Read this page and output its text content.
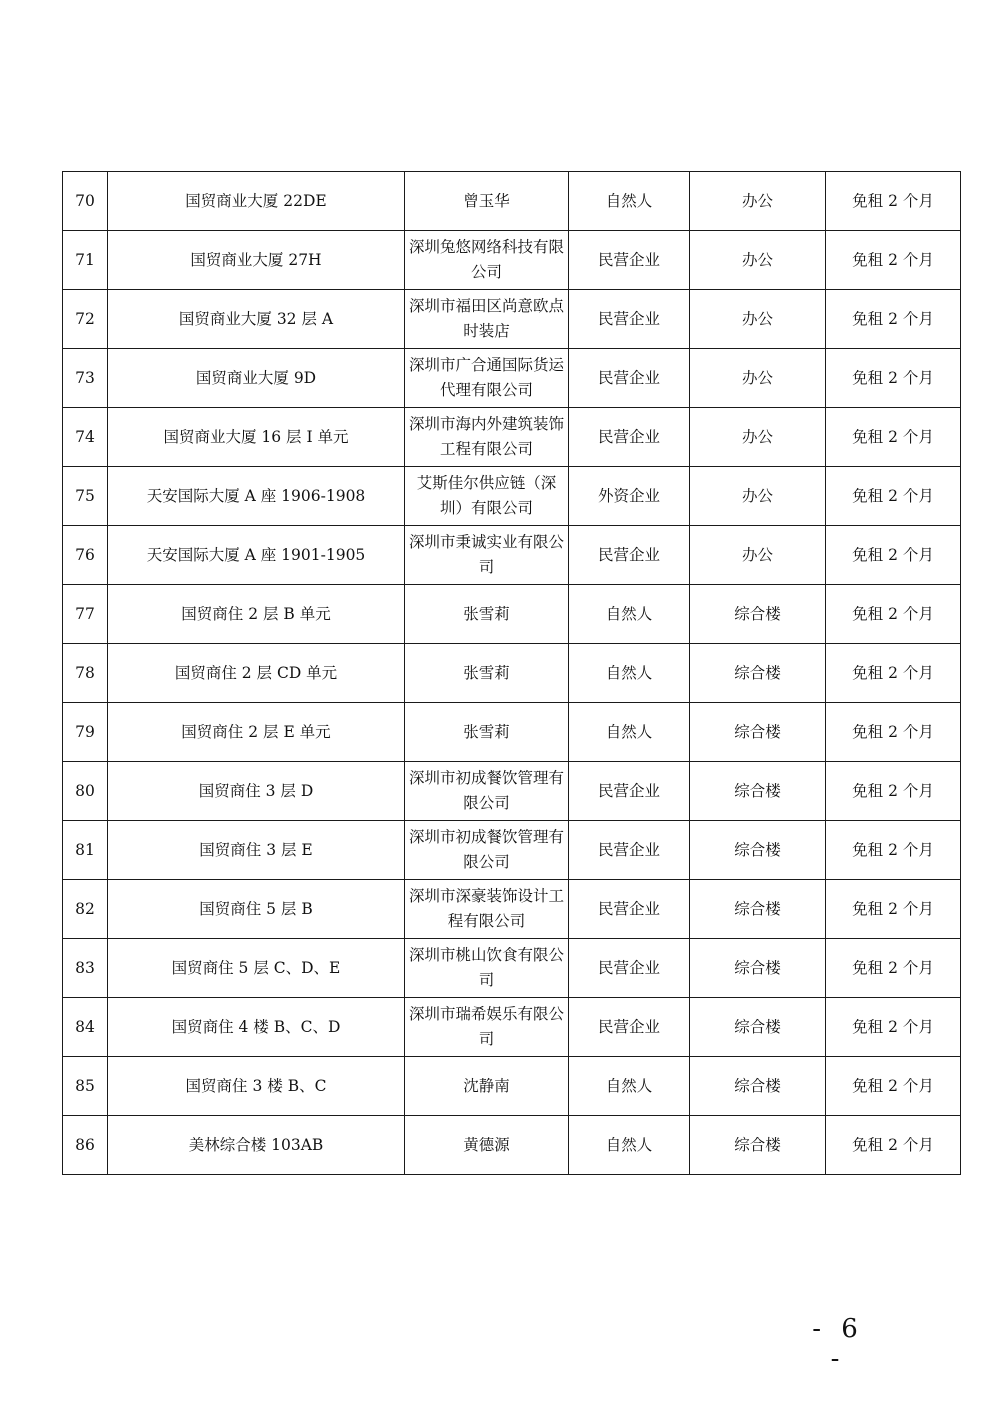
70	国贸商业大厦 22DE	曾玉华	自然人	办公	免租 2 个月
71	国贸商业大厦 27H	深圳兔悠网络科技有限公司	民营企业	办公	免租 2 个月
72	国贸商业大厦 32 层 A	深圳市福田区尚意欧点时装店	民营企业	办公	免租 2 个月
73	国贸商业大厦 9D	深圳市广合通国际货运代理有限公司	民营企业	办公	免租 2 个月
74	国贸商业大厦 16 层 I 单元	深圳市海内外建筑装饰工程有限公司	民营企业	办公	免租 2 个月
75	天安国际大厦 A 座 1906-1908	艾斯佳尔供应链（深圳）有限公司	外资企业	办公	免租 2 个月
76	天安国际大厦 A 座 1901-1905	深圳市秉诚实业有限公司	民营企业	办公	免租 2 个月
77	国贸商住 2 层 B 单元	张雪莉	自然人	综合楼	免租 2 个月
78	国贸商住 2 层 CD 单元	张雪莉	自然人	综合楼	免租 2 个月
79	国贸商住 2 层 E 单元	张雪莉	自然人	综合楼	免租 2 个月
80	国贸商住 3 层 D	深圳市初成餐饮管理有限公司	民营企业	综合楼	免租 2 个月
81	国贸商住 3 层 E	深圳市初成餐饮管理有限公司	民营企业	综合楼	免租 2 个月
82	国贸商住 5 层 B	深圳市深豪装饰设计工程有限公司	民营企业	综合楼	免租 2 个月
83	国贸商住 5 层 C、D、E	深圳市桃山饮食有限公司	民营企业	综合楼	免租 2 个月
84	国贸商住 4 楼 B、C、D	深圳市瑞希娱乐有限公司	民营企业	综合楼	免租 2 个月
85	国贸商住 3 楼 B、C	沈静南	自然人	综合楼	免租 2 个月
86	美林综合楼 103AB	黄德源	自然人	综合楼	免租 2 个月
- 6 -
